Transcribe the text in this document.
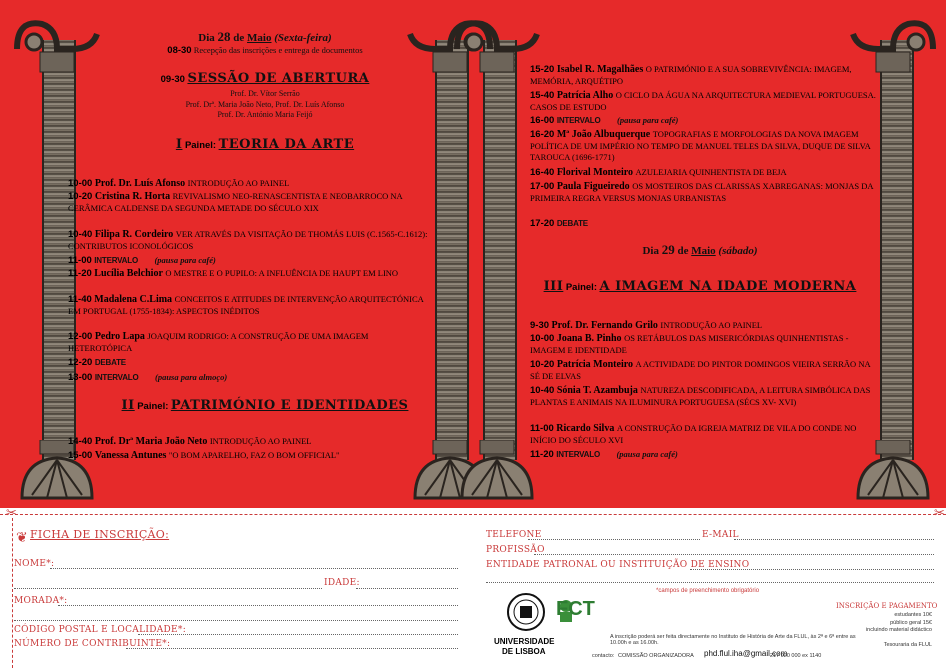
Dia 28 de Maio (Sexta-feira)
08-30 Recepção das inscrições e entrega de documentos
09-30 SESSÃO DE ABERTURA
Prof. Dr. Vítor Serrão
Prof. Drª. Maria João Neto, Prof. Dr. Luís Afonso
Prof. Dr. António Maria Feijó
I Painel: TEORIA DA ARTE
10-00 Prof. Dr. Luís Afonso INTRODUÇÃO AO PAINEL
10-20 Cristina R. Horta REVIVALISMO NEO-RENASCENTISTA E NEOBARROCO NA CERÂMICA CALDENSE DA SEGUNDA METADE DO SÉCULO XIX
10-40 Filipa R. Cordeiro VER ATRAVÉS DA VISITAÇÃO DE THOMÁS LUIS (C.1565-C.1612): CONTRIBUTOS ICONOLÓGICOS
11-00 INTERVALO (pausa para café)
11-20 Lucília Belchior O MESTRE E O PUPILO: A INFLUÊNCIA DE HAUPT EM LINO
11-40 Madalena C.Lima CONCEITOS E ATITUDES DE INTERVENÇÃO ARQUITECTÓNICA EM PORTUGAL (1755-1834): ASPECTOS INÉDITOS
12-00 Pedro Lapa JOAQUIM RODRIGO: A CONSTRUÇÃO DE UMA IMAGEM HETEROTÓPICA
12-20 DEBATE
13-00 INTERVALO (pausa para almoço)
II Painel: PATRIMÓNIO E IDENTIDADES
14-40 Prof. Drª Maria João Neto INTRODUÇÃO AO PAINEL
15-00 Vanessa Antunes "O BOM APARELHO, FAZ O BOM OFFICIAL"
15-20 Isabel R. Magalhães O PATRIMÓNIO E A SUA SOBREVIVÊNCIA: IMAGEM, MEMÓRIA, ARQUÉTIPO
15-40 Patrícia Alho O CICLO DA ÁGUA NA ARQUITECTURA MEDIEVAL PORTUGUESA. CASOS DE ESTUDO
16-00 INTERVALO (pausa para café)
16-20 Mª João Albuquerque TOPOGRAFIAS E MORFOLOGIAS DA NOVA IMAGEM POLÍTICA DE UM IMPÉRIO NO TEMPO DE MANUEL TELES DA SILVA, DUQUE DE SILVA TAROUCA (1696-1771)
16-40 Florival Monteiro AZULEJARIA QUINHENTISTA DE BEJA
17-00 Paula Figueiredo OS MOSTEIROS DAS CLARISSAS XABREGANAS: MONJAS DA PRIMEIRA REGRA VERSUS MONJAS URBANISTAS
17-20 DEBATE
Dia 29 de Maio (sábado)
III Painel: A IMAGEM NA IDADE MODERNA
9-30 Prof. Dr. Fernando Grilo INTRODUÇÃO AO PAINEL
10-00 Joana B. Pinho OS RETÁBULOS DAS MISERICÓRDIAS QUINHENTISTAS - IMAGEM E IDENTIDADE
10-20 Patrícia Monteiro A ACTIVIDADE DO PINTOR DOMINGOS VIEIRA SERRÃO NA SÉ DE ELVAS
10-40 Sónia T. Azambuja NATUREZA DESCODIFICADA, A LEITURA SIMBÓLICA DAS PLANTAS E ANIMAIS NA ILUMINURA PORTUGUESA (SÉCS XV- XVI)
11-00 Ricardo Silva A CONSTRUÇÃO DA IGREJA MATRIZ DE VILA DO CONDE NO INÍCIO DO SÉCULO XVI
11-20 INTERVALO (pausa para café)
✂	✂
❦ FICHA DE INSCRIÇÃO:
NOME*:
IDADE:
MORADA*:
CÓDIGO POSTAL E LOCALIDADE*:
NÚMERO DE CONTRIBUINTE*:
TELEFONE	E-MAIL
PROFISSÃO
ENTIDADE PATRONAL OU INSTITUIÇÃO DE ENSINO
*campos de preenchimento obrigatório
UNIVERSIDADE
DE LISBOA
FCT	INSCRIÇÃO E PAGAMENTO
estudantes 10€
público geral 15€
incluindo material didáctico
A inscrição poderá ser feita directamente no Instituto de História de Arte da FLUL, às 2ª e 6ª entre as 10.00h e as 16.00h.	Tesouraria da FLUL
contacto: COMISSÃO ORGANIZADORA phd.flul.iha@gmail.com
217 920 000 ex 1140
